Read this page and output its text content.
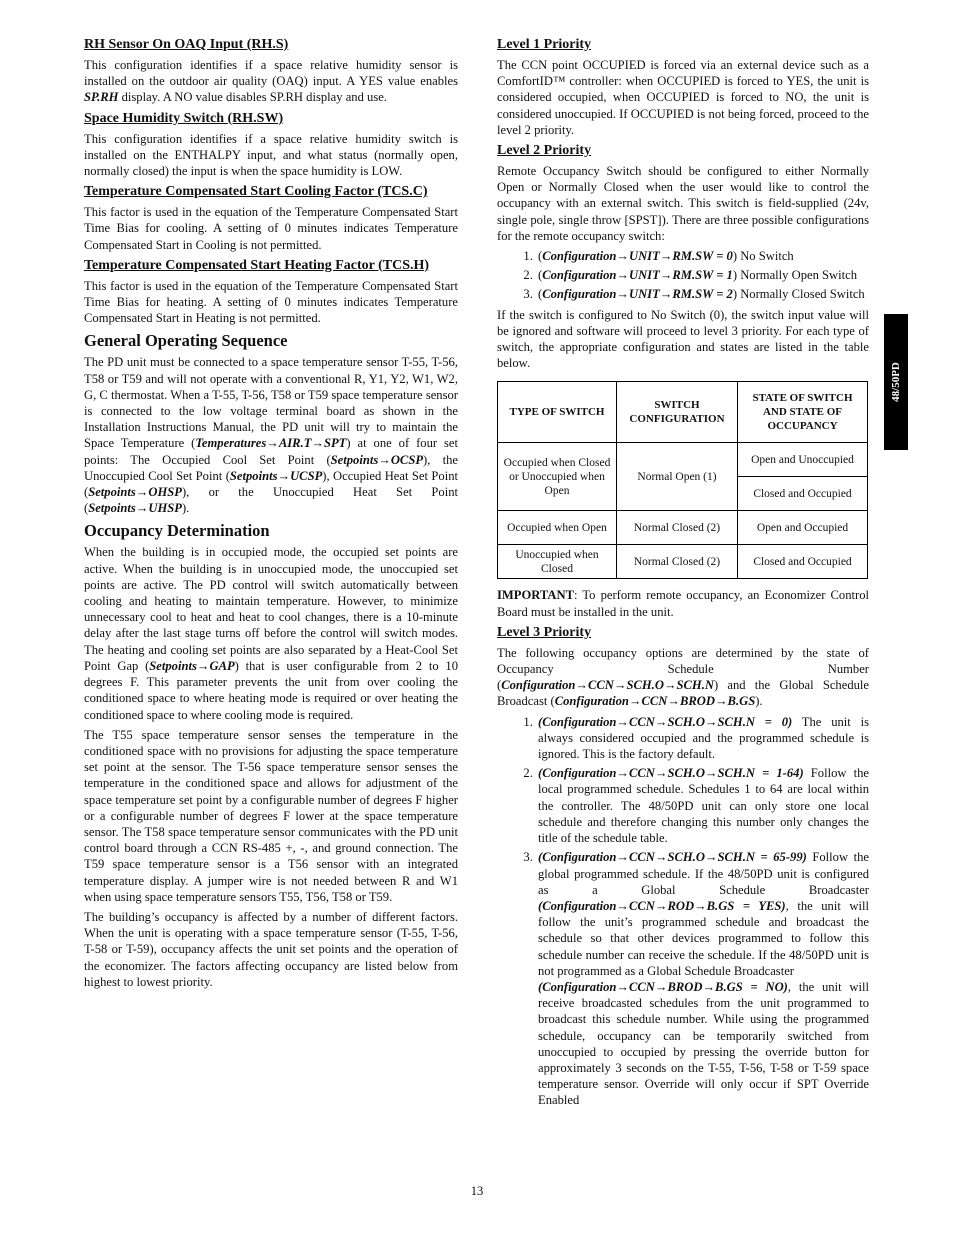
RH Sensor On OAQ Input (RH.S)

This configuration identifies if a space relative humidity sensor is installed on the outdoor air quality (OAQ) input. A YES value enables SP.RH display. A NO value disables SP.RH display and use.

Space Humidity Switch (RH.SW)

This configuration identifies if a space relative humidity switch is installed on the ENTHALPY input, and what status (normally open, normally closed) the input is when the space humidity is LOW.

Temperature Compensated Start Cooling Factor (TCS.C)

This factor is used in the equation of the Temperature Compensated Start Time Bias for cooling. A setting of 0 minutes indicates Temperature Compensated Start in Cooling is not permitted.

Temperature Compensated Start Heating Factor (TCS.H)

This factor is used in the equation of the Temperature Compensated Start Time Bias for heating. A setting of 0 minutes indicates Temperature Compensated Start in Heating is not permitted.

General Operating Sequence

The PD unit must be connected to a space temperature sensor T-55, T-56, T58 or T59 and will not operate with a conventional R, Y1, Y2, W1, W2, G, C thermostat. When a T-55, T-56, T58 or T59 space temperature sensor is connected to the low voltage terminal board as shown in the Installation Instructions Manual, the PD unit will try to maintain the Space Temperature (Temperatures→AIR.T→SPT) at one of four set points: The Occupied Cool Set Point (Setpoints→OCSP), the Unoccupied Cool Set Point (Setpoints→UCSP), Occupied Heat Set Point (Setpoints→OHSP), or the Unoccupied Heat Set Point (Setpoints→UHSP).

Occupancy Determination

When the building is in occupied mode, the occupied set points are active. When the building is in unoccupied mode, the unoccupied set points are active. The PD control will switch automatically between cooling and heating to maintain temperature. However, to minimize unnecessary cool to heat and heat to cool changes, there is a 10-minute delay after the last stage turns off before the control will switch modes. The heating and cooling set points are also separated by a Heat-Cool Set Point Gap (Setpoints→GAP) that is user configurable from 2 to 10 degrees F. This parameter prevents the unit from over cooling the conditioned space to where heating mode is required or over heating the conditioned space to where cooling mode is required.

The T55 space temperature sensor senses the temperature in the conditioned space with no provisions for adjusting the space temperature set point at the sensor. The T-56 space temperature sensor senses the temperature in the conditioned space and allows for adjustment of the space temperature set point by a configurable number of degrees F higher or a configurable number of degrees F lower at the space temperature sensor. The T58 space temperature sensor communicates with the PD unit control board through a CCN RS-485 +, -, and ground connection. The T59 space temperature sensor is a T56 sensor with an integrated temperature display. A jumper wire is not needed between R and W1 when using space temperature sensors T55, T56, T58 or T59.

The building’s occupancy is affected by a number of different factors. When the unit is operating with a space temperature sensor (T-55, T-56, T-58 or T-59), occupancy affects the unit set points and the operation of the economizer. The factors affecting occupancy are listed below from highest to lowest priority.

Level 1 Priority

The CCN point OCCUPIED is forced via an external device such as a ComfortID™ controller: when OCCUPIED is forced to YES, the unit is considered occupied, when OCCUPIED is forced to NO, the unit is considered unoccupied. If OCCUPIED is not being forced, proceed to the level 2 priority.

Level 2 Priority

Remote Occupancy Switch should be configured to either Normally Open or Normally Closed when the user would like to control the occupancy with an external switch. This switch is field-supplied (24v, single pole, single throw [SPST]). There are three possible configurations for the remote occupancy switch:

1. (Configuration→UNIT→RM.SW = 0) No Switch
2. (Configuration→UNIT→RM.SW = 1) Normally Open Switch
3. (Configuration→UNIT→RM.SW = 2) Normally Closed Switch

If the switch is configured to No Switch (0), the switch input value will be ignored and software will proceed to level 3 priority. For each type of switch, the appropriate configuration and states are listed in the table below.

TYPE OF SWITCH	SWITCH CONFIGURATION	STATE OF SWITCH AND STATE OF OCCUPANCY
Occupied when Closed or Unoccupied when Open	Normal Open (1)	Open and Unoccupied
		Closed and Occupied
Occupied when Open	Normal Closed (2)	Open and Occupied
Unoccupied when Closed	Normal Closed (2)	Closed and Occupied

IMPORTANT: To perform remote occupancy, an Economizer Control Board must be installed in the unit.

Level 3 Priority

The following occupancy options are determined by the state of Occupancy Schedule Number (Configuration→CCN→SCH.O→SCH.N) and the Global Schedule Broadcast (Configuration→CCN→BROD→B.GS).

1. (Configuration→CCN→SCH.O→SCH.N = 0) The unit is always considered occupied and the programmed schedule is ignored. This is the factory default.
2. (Configuration→CCN→SCH.O→SCH.N = 1-64) Follow the local programmed schedule. Schedules 1 to 64 are local within the controller. The 48/50PD unit can only store one local schedule and therefore changing this number only changes the title of the schedule table.
3. (Configuration→CCN→SCH.O→SCH.N = 65-99) Follow the global programmed schedule. If the 48/50PD unit is configured as a Global Schedule Broadcaster (Configuration→CCN→ROD→B.GS = YES), the unit will follow the unit’s programmed schedule and broadcast the schedule so that other devices programmed to follow this schedule number can receive the schedule. If the 48/50PD unit is not programmed as a Global Schedule Broadcaster
(Configuration→CCN→BROD→B.GS = NO), the unit will receive broadcasted schedules from the unit programmed to broadcast this schedule number. While using the programmed schedule, occupancy can be temporarily switched from unoccupied to occupied by pressing the override button for approximately 3 seconds on the T-55, T-56, T-58 or T-59 space temperature sensor. Override will only occur if SPT Override Enabled
48/50PD
13
